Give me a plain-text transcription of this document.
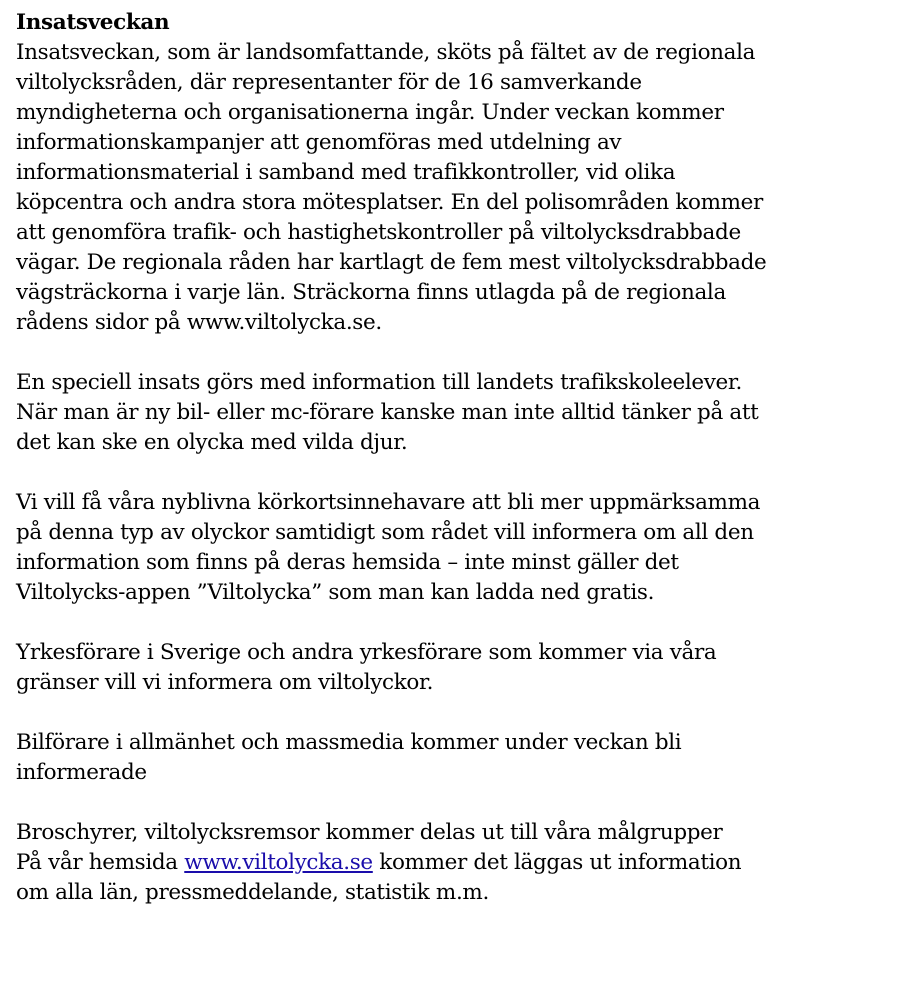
Insatsveckan
Insatsveckan, som är landsomfattande, sköts på fältet av de regionala
viltolycksråden, där representanter för de 16 samverkande
myndigheterna och organisationerna ingår. Under veckan kommer
informationskampanjer att genomföras med utdelning av
informationsmaterial i samband med trafikkontroller, vid olika
köpcentra och andra stora mötesplatser. En del polisområden kommer
att genomföra trafik- och hastighetskontroller på viltolycksdrabbade
vägar. De regionala råden har kartlagt de fem mest viltolycksdrabbade
vägsträckorna i varje län. Sträckorna finns utlagda på de regionala
rådens sidor på www.viltolycka.se.
En speciell insats görs med information till landets trafikskoleelever.
När man är ny bil- eller mc-förare kanske man inte alltid tänker på att
det kan ske en olycka med vilda djur.
Vi vill få våra nyblivna körkortsinnehavare att bli mer uppmärksamma
på denna typ av olyckor samtidigt som rådet vill informera om all den
information som finns på deras hemsida – inte minst gäller det
Viltolycks-appen ”Viltolycka” som man kan ladda ned gratis.
Yrkesförare i Sverige och andra yrkesförare som kommer via våra
gränser vill vi informera om viltolyckor.
Bilförare i allmänhet och massmedia kommer under veckan bli
informerade
Broschyrer, viltolycksremsor kommer delas ut till våra målgrupper
På vår hemsida www.viltolycka.se kommer det läggas ut information
om alla län, pressmeddelande, statistik m.m.
